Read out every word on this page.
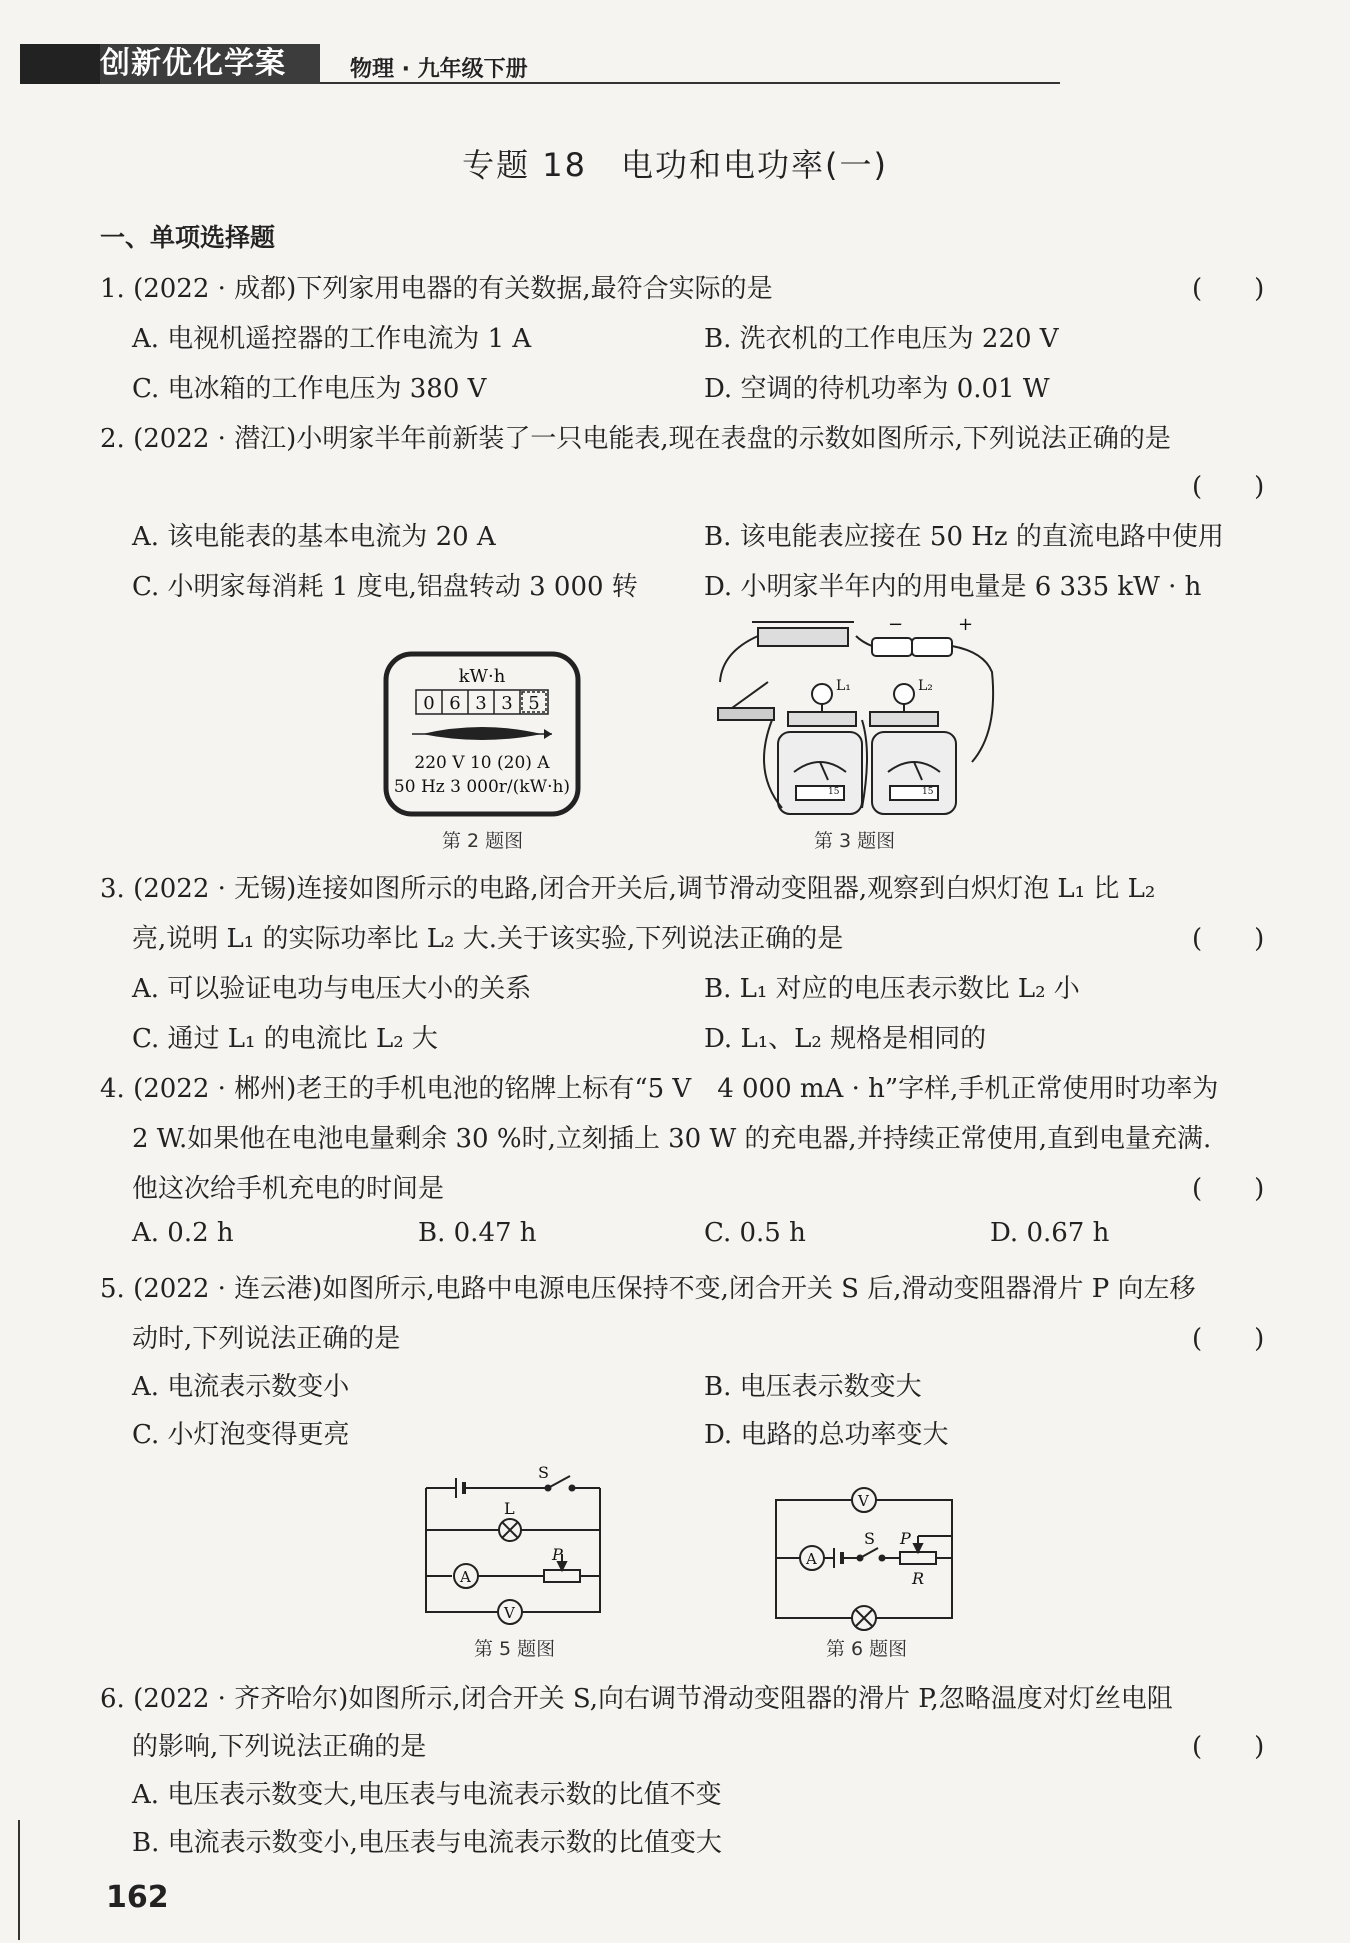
创新优化学案	物理 · 九年级下册
专题 18　电功和电功率(一)
一、单项选择题
1. (2022 · 成都)下列家用电器的有关数据,最符合实际的是	(　　)
A. 电视机遥控器的工作电流为 1 A	B. 洗衣机的工作电压为 220 V
C. 电冰箱的工作电压为 380 V	D. 空调的待机功率为 0.01 W
2. (2022 · 潜江)小明家半年前新装了一只电能表,现在表盘的示数如图所示,下列说法正确的是
(　　)
A. 该电能表的基本电流为 20 A	B. 该电能表应接在 50 Hz 的直流电路中使用
C. 小明家每消耗 1 度电,铝盘转动 3 000 转	D. 小明家半年内的用电量是 6 335 kW · h
kW·h
0 6 3 3 5
220 V 10 (20) A
50 Hz 3 000r/(kW·h)
第 2 题图
L₁	L₂
−	+
15	15
第 3 题图
3. (2022 · 无锡)连接如图所示的电路,闭合开关后,调节滑动变阻器,观察到白炽灯泡 L₁ 比 L₂
亮,说明 L₁ 的实际功率比 L₂ 大.关于该实验,下列说法正确的是	(　　)
A. 可以验证电功与电压大小的关系	B. L₁ 对应的电压表示数比 L₂ 小
C. 通过 L₁ 的电流比 L₂ 大	D. L₁、L₂ 规格是相同的
4. (2022 · 郴州)老王的手机电池的铭牌上标有“5 V　4 000 mA · h”字样,手机正常使用时功率为
2 W.如果他在电池电量剩余 30 %时,立刻插上 30 W 的充电器,并持续正常使用,直到电量充满.
他这次给手机充电的时间是	(　　)
A. 0.2 h	B. 0.47 h	C. 0.5 h	D. 0.67 h
5. (2022 · 连云港)如图所示,电路中电源电压保持不变,闭合开关 S 后,滑动变阻器滑片 P 向左移
动时,下列说法正确的是	(　　)
A. 电流表示数变小	B. 电压表示数变大
C. 小灯泡变得更亮	D. 电路的总功率变大
S
L
A
P
V
第 5 题图
V
A
S P
R
第 6 题图
6. (2022 · 齐齐哈尔)如图所示,闭合开关 S,向右调节滑动变阻器的滑片 P,忽略温度对灯丝电阻
的影响,下列说法正确的是	(　　)
A. 电压表示数变大,电压表与电流表示数的比值不变
B. 电流表示数变小,电压表与电流表示数的比值变大
162
